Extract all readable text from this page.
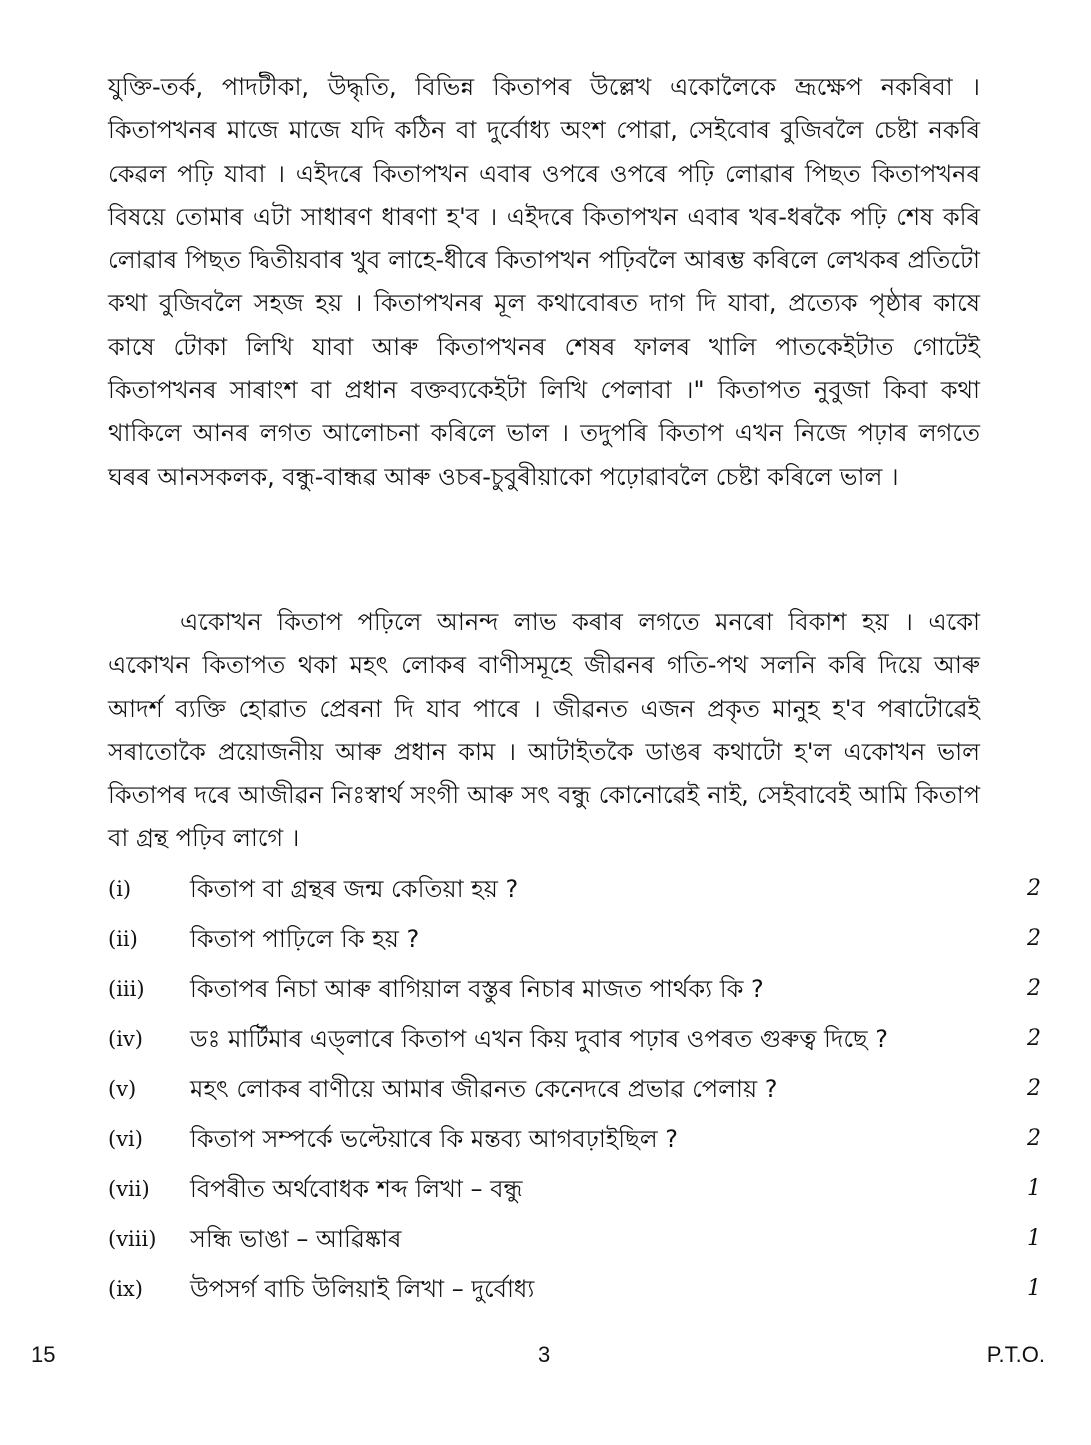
যুক্তি-তৰ্ক, পাদটীকা, উদ্ধৃতি, বিভিন্ন কিতাপৰ উল্লেখ একোলৈকে ভ্ৰূক্ষেপ নকৰিবা । কিতাপখনৰ মাজে মাজে যদি কঠিন বা দুৰ্বোধ্য অংশ পোৱা, সেইবোৰ বুজিবলৈ চেষ্টা নকৰি কেৱল পঢ়ি যাবা । এইদৰে কিতাপখন এবাৰ ওপৰে ওপৰে পঢ়ি লোৱাৰ পিছত কিতাপখনৰ বিষয়ে তোমাৰ এটা সাধাৰণ ধাৰণা হ'ব । এইদৰে কিতাপখন এবাৰ খৰ-ধৰকৈ পঢ়ি শেষ কৰি লোৱাৰ পিছত দ্বিতীয়বাৰ খুব লাহে-ধীৰে কিতাপখন পঢ়িবলৈ আৰম্ভ কৰিলে লেখকৰ প্ৰতিটো কথা বুজিবলৈ সহজ হয় । কিতাপখনৰ মূল কথাবোৰত দাগ দি যাবা, প্ৰত্যেক পৃষ্ঠাৰ কাষে কাষে টোকা লিখি যাবা আৰু কিতাপখনৰ শেষৰ ফালৰ খালি পাতকেইটাত গোটেই কিতাপখনৰ সাৰাংশ বা প্ৰধান বক্তব্যকেইটা লিখি পেলাবা ।" কিতাপত নুবুজা কিবা কথা থাকিলে আনৰ লগত আলোচনা কৰিলে ভাল । তদুপৰি কিতাপ এখন নিজে পঢ়াৰ লগতে ঘৰৰ আনসকলক, বন্ধু-বান্ধৱ আৰু ওচৰ-চুবুৰীয়াকো পঢ়োৱাবলৈ চেষ্টা কৰিলে ভাল ।

একোখন কিতাপ পঢ়িলে আনন্দ লাভ কৰাৰ লগতে মনৰো বিকাশ হয় । একো একোখন কিতাপত থকা মহৎ লোকৰ বাণীসমূহে জীৱনৰ গতি-পথ সলনি কৰি দিয়ে আৰু আদৰ্শ ব্যক্তি হোৱাত প্ৰেৰনা দি যাব পাৰে । জীৱনত এজন প্ৰকৃত মানুহ হ'ব পৰাটোৱেই সৰাতোকৈ প্ৰয়োজনীয় আৰু প্ৰধান কাম । আটাইতকৈ ডাঙৰ কথাটো হ'ল একোখন ভাল কিতাপৰ দৰে আজীৱন নিঃস্বাৰ্থ সংগী আৰু সৎ বন্ধু কোনোৱেই নাই, সেইবাবেই আমি কিতাপ বা গ্ৰন্থ পঢ়িব লাগে ।

(i)	কিতাপ বা গ্ৰন্থৰ জন্ম কেতিয়া হয় ?	2
(ii)	কিতাপ পাঢ়িলে কি হয় ?	2
(iii)	কিতাপৰ নিচা আৰু ৰাগিয়াল বস্তুৰ নিচাৰ মাজত পাৰ্থক্য কি ?	2
(iv)	ডঃ মাৰ্টিমাৰ এড্লাৰে কিতাপ এখন কিয় দুবাৰ পঢ়াৰ ওপৰত গুৰুত্ব দিছে ?	2
(v)	মহৎ লোকৰ বাণীয়ে আমাৰ জীৱনত কেনেদৰে প্ৰভাৱ পেলায় ?	2
(vi)	কিতাপ সম্পৰ্কে ভল্টেয়াৰে কি মন্তব্য আগবঢ়াইছিল ?	2
(vii)	বিপৰীত অৰ্থবোধক শব্দ লিখা – বন্ধু	1
(viii)	সন্ধি ভাঙা – আৱিষ্কাৰ	1
(ix)	উপসৰ্গ বাচি উলিয়াই লিখা – দুৰ্বোধ্য	1
15	3	P.T.O.
